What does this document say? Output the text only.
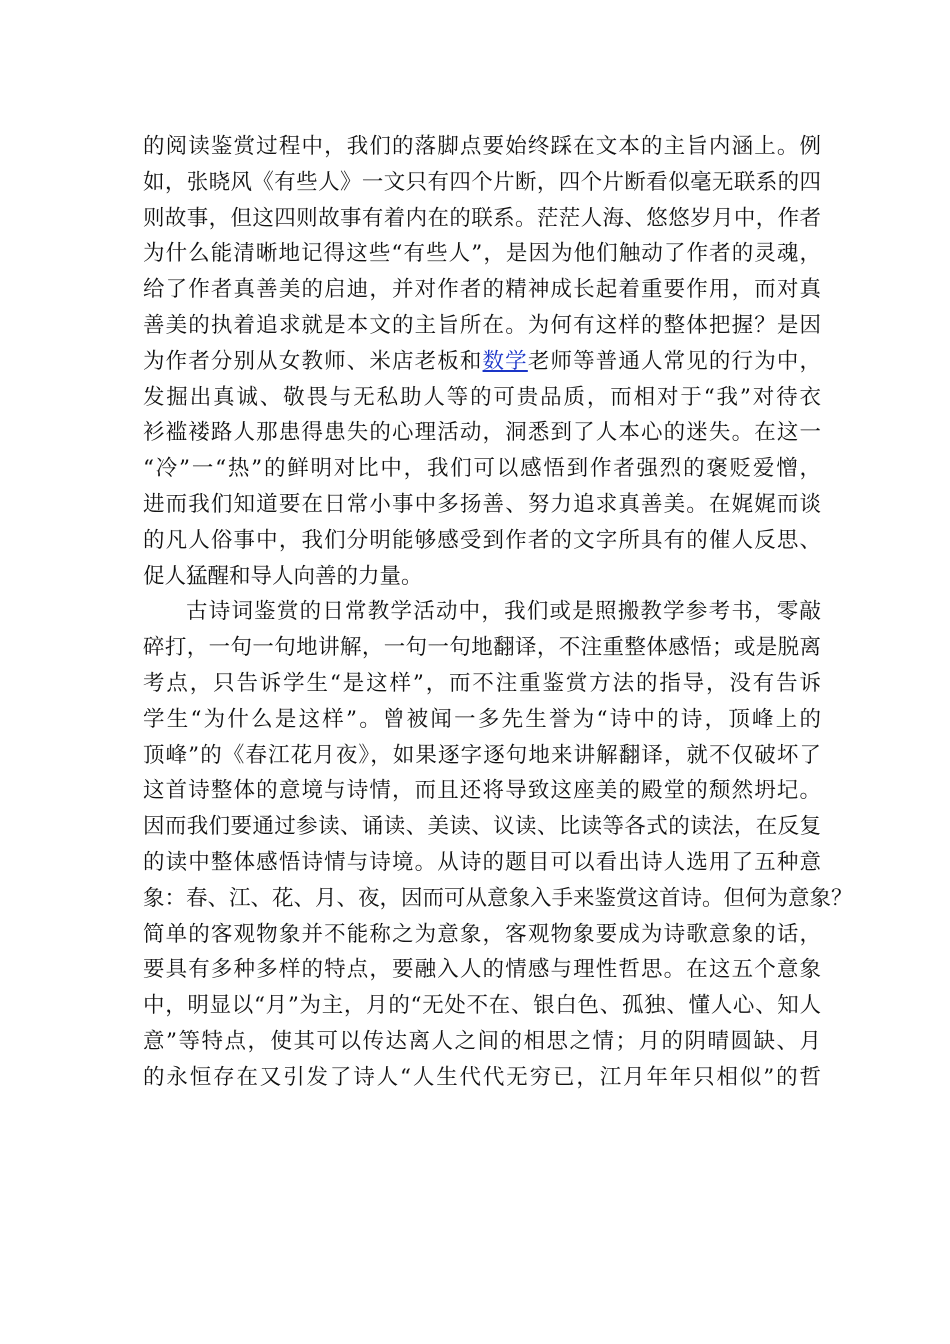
的阅读鉴赏过程中，我们的落脚点要始终踩在文本的主旨内涵上。例
如，张晓风《有些人》一文只有四个片断，四个片断看似毫无联系的四
则故事，但这四则故事有着内在的联系。茫茫人海、悠悠岁月中，作者
为什么能清晰地记得这些“有些人”，是因为他们触动了作者的灵魂，
给了作者真善美的启迪，并对作者的精神成长起着重要作用，而对真
善美的执着追求就是本文的主旨所在。为何有这样的整体把握？是因
为作者分别从女教师、米店老板和数学老师等普通人常见的行为中，
发掘出真诚、敬畏与无私助人等的可贵品质，而相对于“我”对待衣
衫褴褛路人那患得患失的心理活动，洞悉到了人本心的迷失。在这一
“冷”一“热”的鲜明对比中，我们可以感悟到作者强烈的褒贬爱憎，
进而我们知道要在日常小事中多扬善、努力追求真善美。在娓娓而谈
的凡人俗事中，我们分明能够感受到作者的文字所具有的催人反思、
促人猛醒和导人向善的力量。
古诗词鉴赏的日常教学活动中，我们或是照搬教学参考书，零敲
碎打，一句一句地讲解，一句一句地翻译，不注重整体感悟；或是脱离
考点，只告诉学生“是这样”，而不注重鉴赏方法的指导，没有告诉
学生“为什么是这样”。曾被闻一多先生誉为“诗中的诗，顶峰上的
顶峰”的《春江花月夜》，如果逐字逐句地来讲解翻译，就不仅破坏了
这首诗整体的意境与诗情，而且还将导致这座美的殿堂的颓然坍圮。
因而我们要通过参读、诵读、美读、议读、比读等各式的读法，在反复
的读中整体感悟诗情与诗境。从诗的题目可以看出诗人选用了五种意
象：春、江、花、月、夜，因而可从意象入手来鉴赏这首诗。但何为意象？
简单的客观物象并不能称之为意象，客观物象要成为诗歌意象的话，
要具有多种多样的特点，要融入人的情感与理性哲思。在这五个意象
中，明显以“月”为主，月的“无处不在、银白色、孤独、懂人心、知人
意”等特点，使其可以传达离人之间的相思之情；月的阴晴圆缺、月
的永恒存在又引发了诗人“人生代代无穷已，江月年年只相似”的哲
